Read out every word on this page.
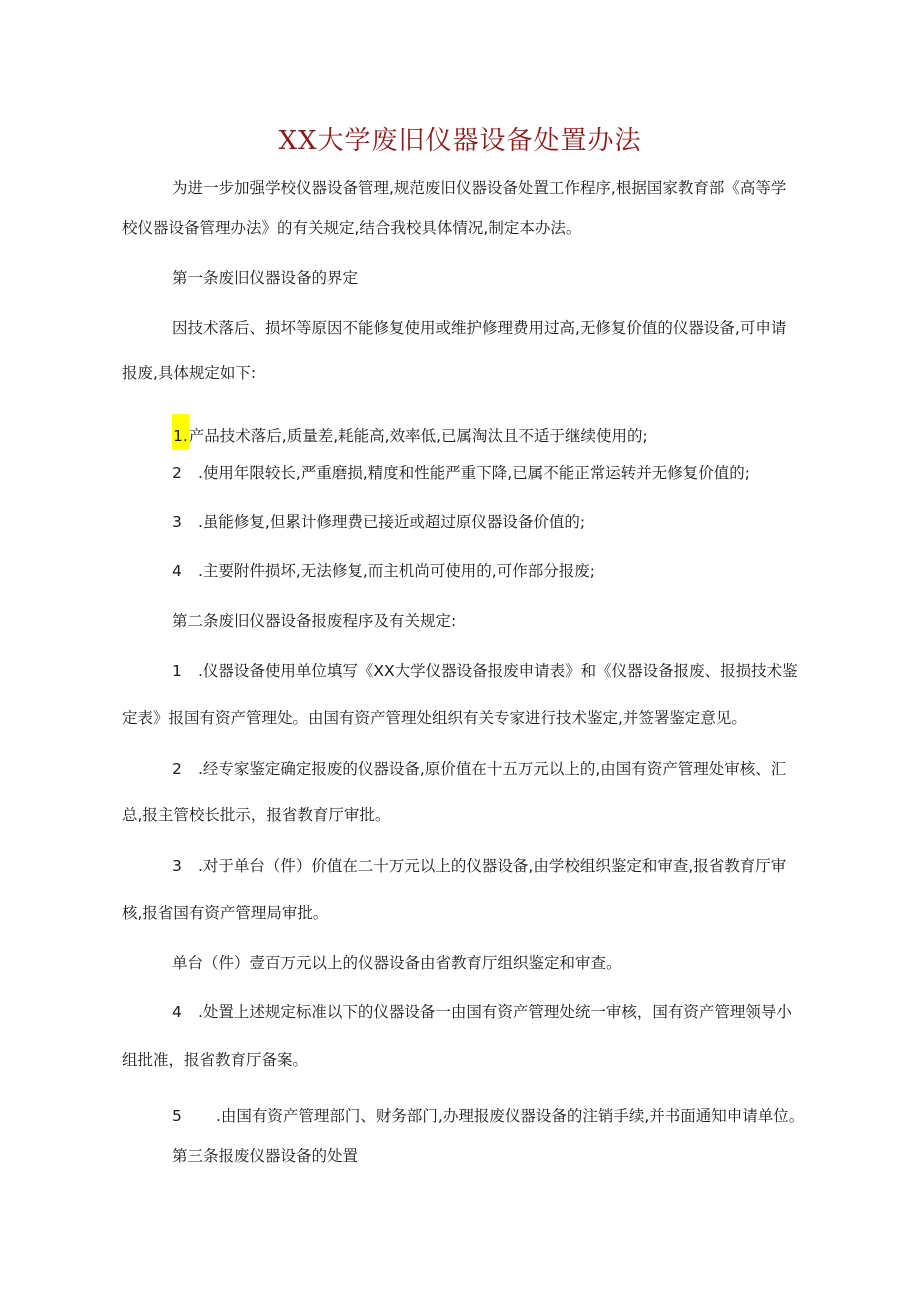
XX大学废旧仪器设备处置办法
为进一步加强学校仪器设备管理,规范废旧仪器设备处置工作程序,根据国家教育部《高等学
校仪器设备管理办法》的有关规定,结合我校具体情况,制定本办法。
第一条废旧仪器设备的界定
因技术落后、损坏等原因不能修复使用或维护修理费用过高,无修复价值的仪器设备,可申请
报废,具体规定如下:
1.产品技术落后,质量差,耗能高,效率低,已属淘汰且不适于继续使用的;
2 .使用年限较长,严重磨损,精度和性能严重下降,已属不能正常运转并无修复价值的;
3 .虽能修复,但累计修理费已接近或超过原仪器设备价值的;
4 .主要附件损坏,无法修复,而主机尚可使用的,可作部分报废;
第二条废旧仪器设备报废程序及有关规定:
1 .仪器设备使用单位填写《XX大学仪器设备报废申请表》和《仪器设备报废、报损技术鉴
定表》报国有资产管理处。由国有资产管理处组织有关专家进行技术鉴定,并签署鉴定意见。
2 .经专家鉴定确定报废的仪器设备,原价值在十五万元以上的,由国有资产管理处审核、汇
总,报主管校长批示，报省教育厅审批。
3 .对于单台（件）价值在二十万元以上的仪器设备,由学校组织鉴定和审查,报省教育厅审
核,报省国有资产管理局审批。
单台（件）壹百万元以上的仪器设备由省教育厅组织鉴定和审查。
4 .处置上述规定标准以下的仪器设备一由国有资产管理处统一审核，国有资产管理领导小
组批准，报省教育厅备案。
5 .由国有资产管理部门、财务部门,办理报废仪器设备的注销手续,并书面通知申请单位。
第三条报废仪器设备的处置
